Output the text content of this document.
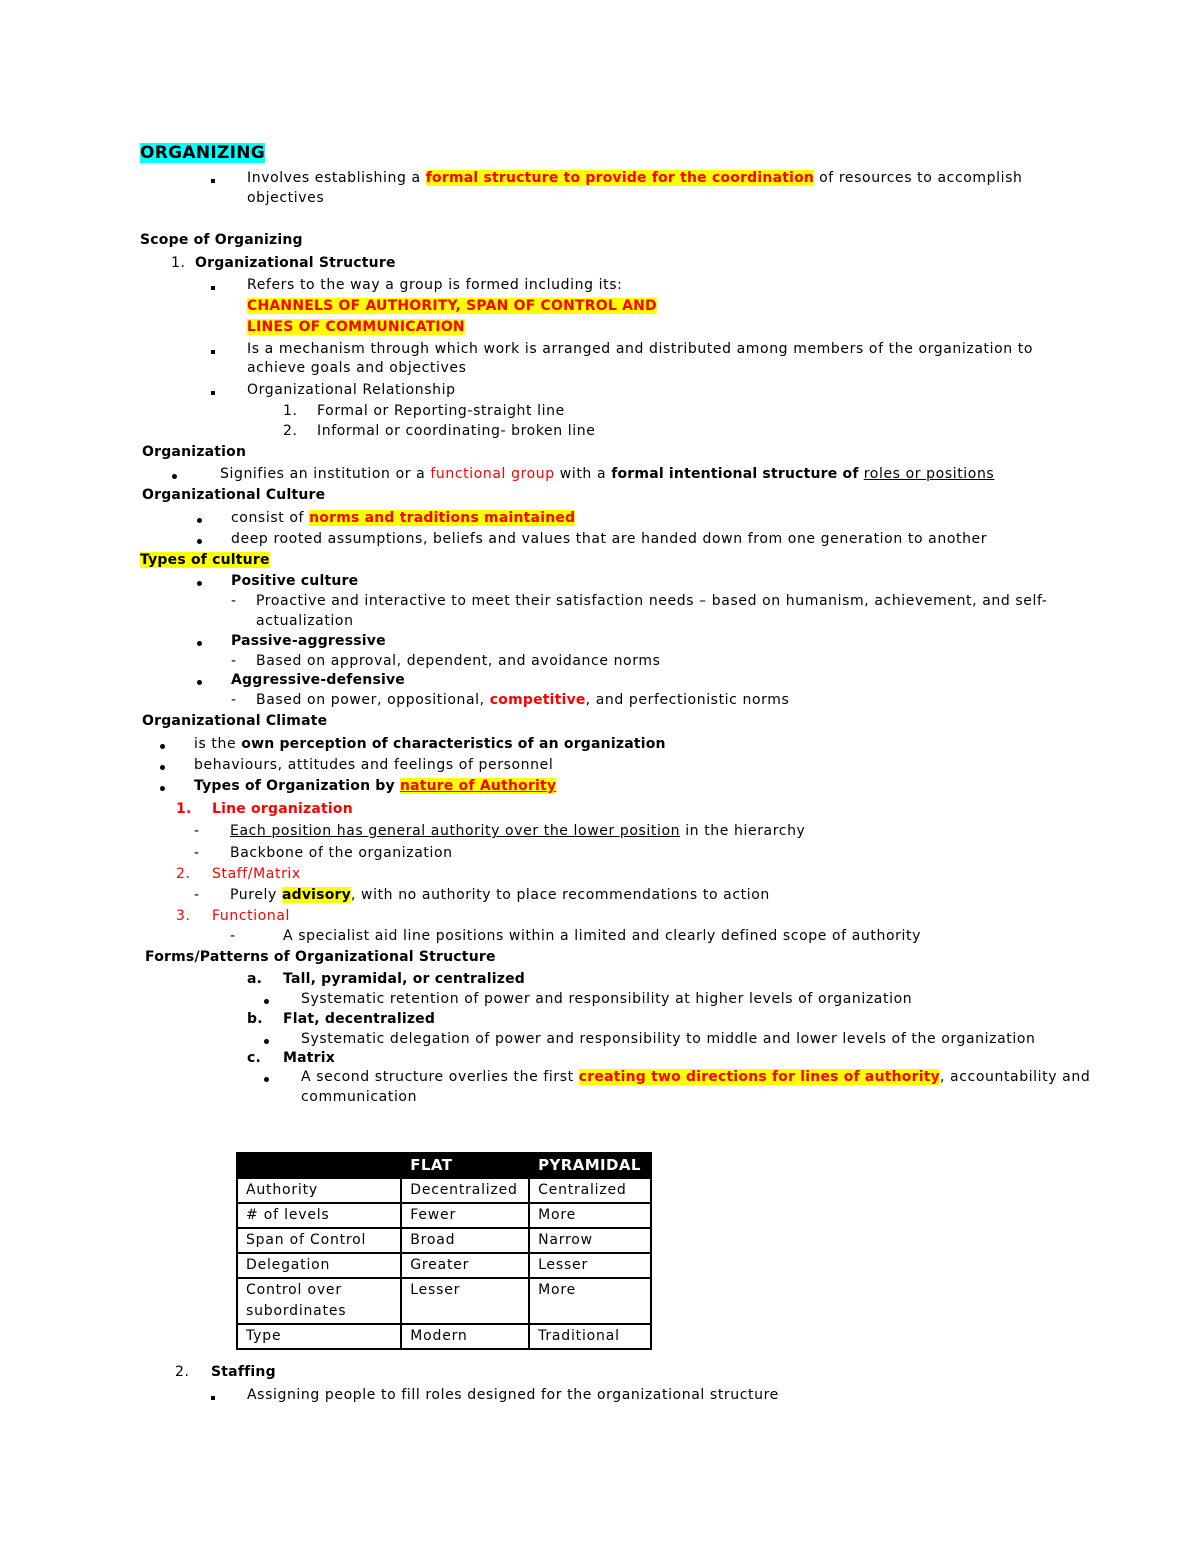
ORGANIZING
Involves establishing a formal structure to provide for the coordination of resources to accomplish
objectives
Scope of Organizing
1. Organizational Structure
Refers to the way a group is formed including its:
CHANNELS OF AUTHORITY, SPAN OF CONTROL AND
LINES OF COMMUNICATION
Is a mechanism through which work is arranged and distributed among members of the organization to
achieve goals and objectives
Organizational Relationship
1. Formal or Reporting-straight line
2. Informal or coordinating- broken line
Organization
Signifies an institution or a functional group with a formal intentional structure of roles or positions
Organizational Culture
consist of norms and traditions maintained
deep rooted assumptions, beliefs and values that are handed down from one generation to another
Types of culture
Positive culture
- Proactive and interactive to meet their satisfaction needs – based on humanism, achievement, and self-
actualization
Passive-aggressive
- Based on approval, dependent, and avoidance norms
Aggressive-defensive
- Based on power, oppositional, competitive, and perfectionistic norms
Organizational Climate
is the own perception of characteristics of an organization
behaviours, attitudes and feelings of personnel
Types of Organization by nature of Authority
1. Line organization
- Each position has general authority over the lower position in the hierarchy
- Backbone of the organization
2. Staff/Matrix
- Purely advisory, with no authority to place recommendations to action
3. Functional
-	A specialist aid line positions within a limited and clearly defined scope of authority
Forms/Patterns of Organizational Structure
a. Tall, pyramidal, or centralized
Systematic retention of power and responsibility at higher levels of organization
b. Flat, decentralized
Systematic delegation of power and responsibility to middle and lower levels of the organization
c. Matrix
A second structure overlies the first creating two directions for lines of authority, accountability and
communication
	FLAT	PYRAMIDAL
Authority	Decentralized	Centralized
# of levels	Fewer	More
Span of Control	Broad	Narrow
Delegation	Greater	Lesser
Control over subordinates	Lesser	More
Type	Modern	Traditional
2. Staffing
Assigning people to fill roles designed for the organizational structure
